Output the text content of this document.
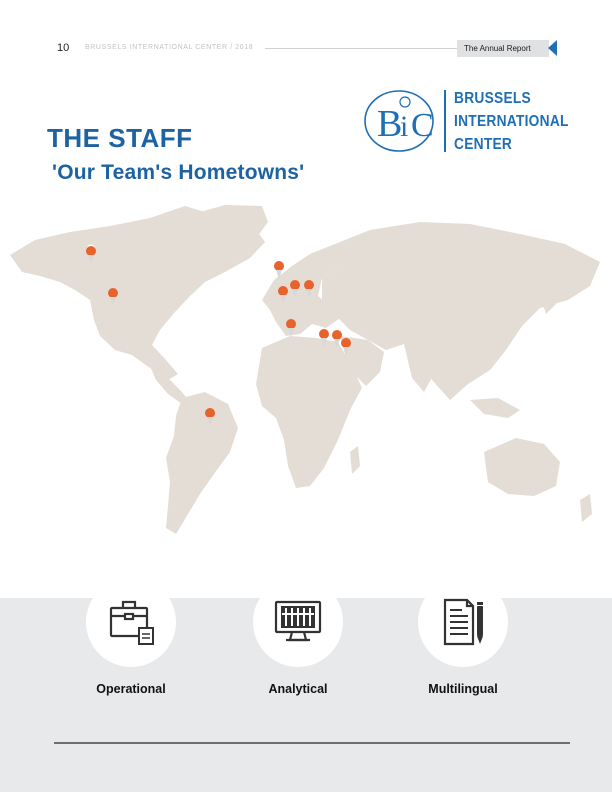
10 BRUSSELS INTERNATIONAL CENTER / 2018	The Annual Report
B
i C
BRUSSELS
INTERNATIONAL
CENTER
THE STAFF
'Our Team's Hometowns'
Operational	Analytical	Multilingual
